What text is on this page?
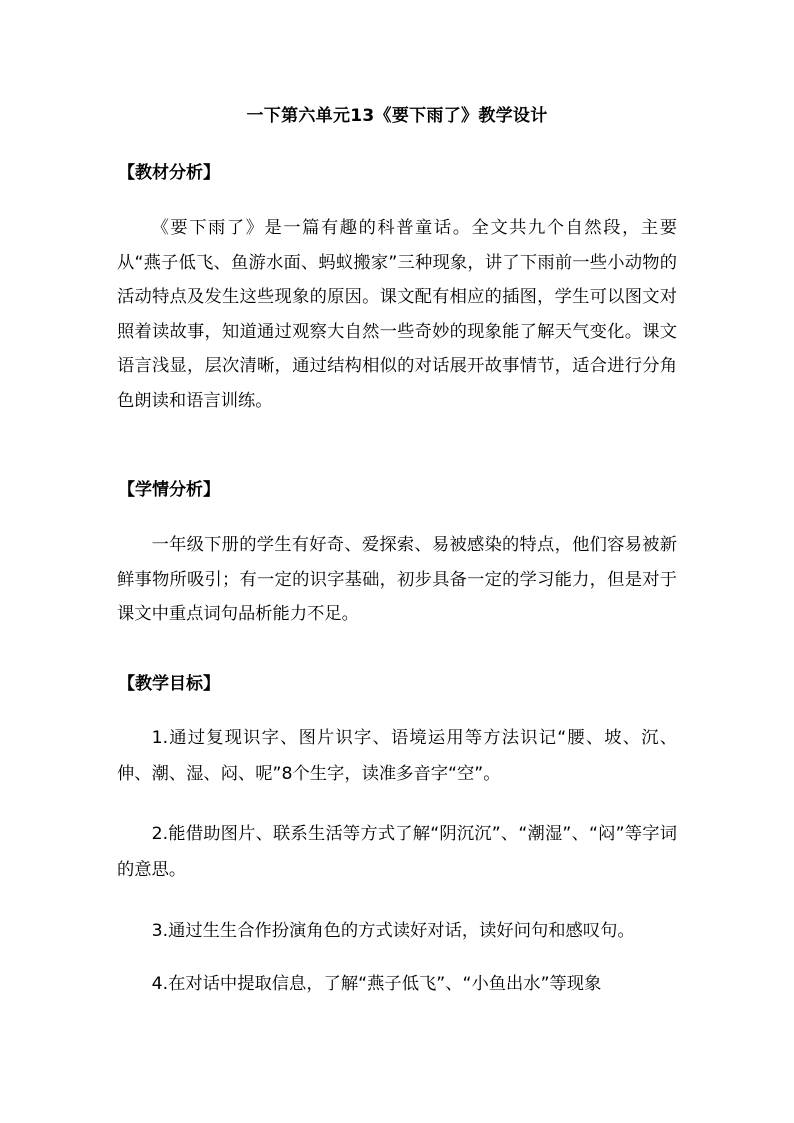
一下第六单元13《要下雨了》教学设计
【教材分析】

《要下雨了》是一篇有趣的科普童话。全文共九个自然段，主要从“燕子低飞、鱼游水面、蚂蚁搬家”三种现象，讲了下雨前一些小动物的活动特点及发生这些现象的原因。课文配有相应的插图，学生可以图文对照着读故事，知道通过观察大自然一些奇妙的现象能了解天气变化。课文语言浅显，层次清晰，通过结构相似的对话展开故事情节，适合进行分角色朗读和语言训练。

【学情分析】

一年级下册的学生有好奇、爱探索、易被感染的特点，他们容易被新鲜事物所吸引；有一定的识字基础，初步具备一定的学习能力，但是对于课文中重点词句品析能力不足。

【教学目标】

1.通过复现识字、图片识字、语境运用等方法识记“腰、坡、沉、伸、潮、湿、闷、呢”8个生字，读准多音字“空”。

2.能借助图片、联系生活等方式了解“阴沉沉”、“潮湿”、“闷”等字词的意思。

3.通过生生合作扮演角色的方式读好对话，读好问句和感叹句。

4.在对话中提取信息，了解“燕子低飞”、“小鱼出水”等现象
